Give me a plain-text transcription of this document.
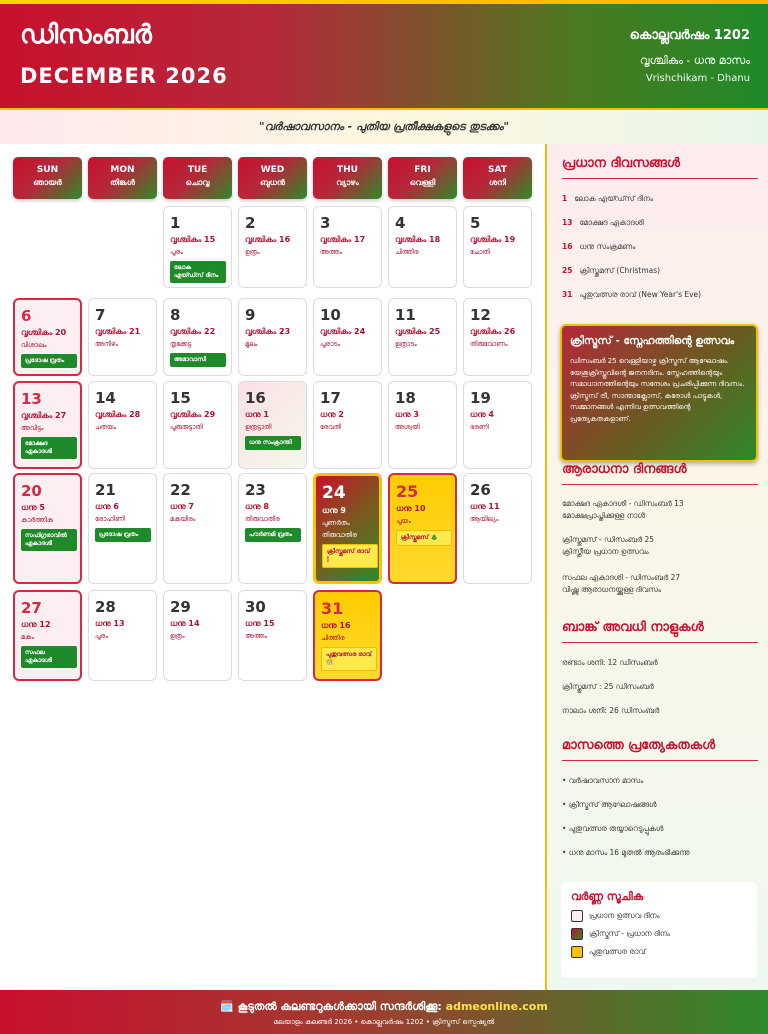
ഡിസംബർ
DECEMBER 2026
കൊല്ലവർഷം 1202
വൃശ്ചികം - ധനു മാസം
Vrishchikam - Dhanu
"വർഷാവസാനം - പുതിയ പ്രതീക്ഷകളുടെ തുടക്കം"
SUN
ഞായർ
MON
തിങ്കൾ
TUE
ചൊവ്വ
WED
ബുധൻ
THU
വ്യാഴം
FRI
വെള്ളി
SAT
ശനി
1
വൃശ്ചികം 15
പൂരം
ലോക എയ്ഡ്സ് ദിനം
2
വൃശ്ചികം 16
ഉത്രം
3
വൃശ്ചികം 17
അത്തം
4
വൃശ്ചികം 18
ചിത്തിര
5
വൃശ്ചികം 19
ചോതി
6
വൃശ്ചികം 20
വിശാഖം
പ്രദോഷ വ്രതം
7
വൃശ്ചികം 21
അനിഴം
8
വൃശ്ചികം 22
തൃക്കേട്ട
അമാവാസി
9
വൃശ്ചികം 23
മൂലം
10
വൃശ്ചികം 24
പൂരാടം
11
വൃശ്ചികം 25
ഉത്രാടം
12
വൃശ്ചികം 26
തിരുവോണം
13
വൃശ്ചികം 27
അവിട്ടം
മോക്ഷദ ഏകാദശി
14
വൃശ്ചികം 28
ചതയം
15
വൃശ്ചികം 29
പൂരുരുട്ടാതി
16
ധനു 1
ഉത്രട്ടാതി
ധനു സംക്രാന്തി
17
ധനു 2
രേവതി
18
ധനു 3
അശ്വതി
19
ധനു 4
ഭരണി
20
ധനു 5
കാർത്തിക
സഫ്ഗ്രരാവിൽ ഏകാദശി
21
ധനു 6
രോഹിണി
പ്രദോഷ വ്രതം
22
ധനു 7
മകയിരം
23
ധനു 8
തിരുവാതിര
പൗർണമി വ്രതം
24
ധനു 9
പുണർതം
തിരുവാതിര
ക്രിസ്തുമസ് രാവ് 🕯
25
ധനു 10
പൂയം
ക്രിസ്തുമസ് 🎄
26
ധനു 11
ആയില്യം
27
ധനു 12
മകം
സഫല ഏകാദശി
28
ധനു 13
പൂരം
29
ധനു 14
ഉത്രം
30
ധനു 15
അത്തം
31
ധനു 16
ചിത്തിര
പുതുവത്സര രാവ് 🎊
പ്രധാന ദിവസങ്ങൾ
1 ലോക എയ്ഡ്സ് ദിനം
13 മോക്ഷദ ഏകാദശി
16 ധനു സംക്രമണം
25 ക്രിസ്തുമസ് (Christmas)
31 പുതുവത്സര രാവ് (New Year's Eve)
ക്രിസ്മസ് - സ്നേഹത്തിന്റെ ഉത്സവം
ഡിസംബർ 25 വെള്ളിയാഴ്ച ക്രിസ്മസ് ആഘോഷം. യേശുക്രിസ്തുവിന്റെ ജനനദിനം. സ്നേഹത്തിന്റെയും സമാധാനത്തിന്റെയും സന്ദേശം പ്രചരിപ്പിക്കുന്ന ദിവസം. ക്രിസ്മസ് ട്രീ, സാന്താക്ലോസ്, കരോൾ പാട്ടുകൾ, സമ്മാനങ്ങൾ എന്നിവ ഉത്സവത്തിന്റെ പ്രത്യേകതകളാണ്.
ആരാധനാ ദിനങ്ങൾ
മോക്ഷദ ഏകാദശി - ഡിസംബർ 13
മോക്ഷപ്രാപ്തിക്കുള്ള നാൾ
ക്രിസ്തുമസ് - ഡിസംബർ 25
ക്രിസ്തീയ പ്രധാന ഉത്സവം
സഫല ഏകാദശി - ഡിസംബർ 27
വിഷ്ണു ആരാധനയ്ക്കുള്ള ദിവസം
ബാങ്ക് അവധി നാളുകൾ
രണ്ടാം ശനി: 12 ഡിസംബർ
ക്രിസ്തുമസ് : 25 ഡിസംബർ
നാലാം ശനി: 26 ഡിസംബർ
മാസത്തെ പ്രത്യേകതകൾ
• വർഷാവസാന മാസം
• ക്രിസ്മസ് ആഘോഷങ്ങൾ
• പുതുവത്സര തയ്യാറെടുപ്പുകൾ
• ധനു മാസം 16 മുതൽ ആരംഭിക്കുന്നു
വർണ്ണ സൂചിക
പ്രധാന ഉത്സവ ദിനം
ക്രിസ്മസ് - പ്രധാന ദിനം
പുതുവത്സര രാവ്
🗓️ കൂടുതൽ കലണ്ടറുകൾക്കായി സന്ദർശിക്കൂ: admeonline.com
മലയാളം കലണ്ടർ 2026 • കൊല്ലവർഷം 1202 • ക്രിസ്മസ് സ്പെഷ്യൽ
